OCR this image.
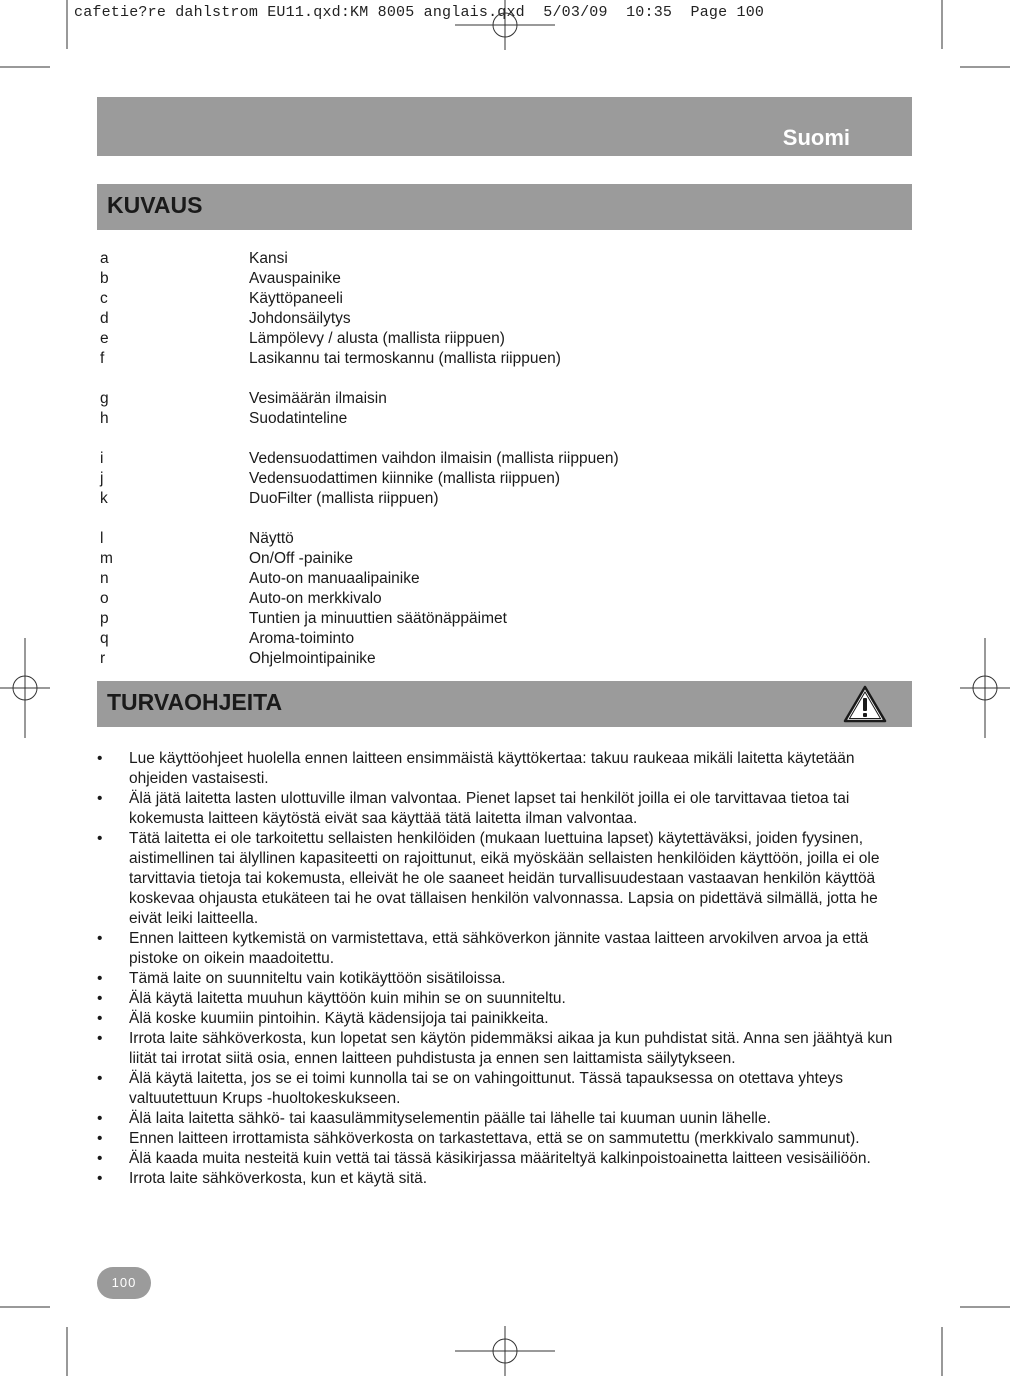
cafetie?re dahlstrom EU11.qxd:KM 8005 anglais.qxd  5/03/09  10:35  Page 100
Suomi
KUVAUS
a	Kansi
b	Avauspainike
c	Käyttöpaneeli
d	Johdonsäilytys
e	Lämpölevy / alusta (mallista riippuen)
f	Lasikannu tai termoskannu (mallista riippuen)
g	Vesimäärän ilmaisin
h	Suodatinteline
i	Vedensuodattimen vaihdon ilmaisin (mallista riippuen)
j	Vedensuodattimen kiinnike (mallista riippuen)
k	DuoFilter (mallista riippuen)
l	Näyttö
m	On/Off -painike
n	Auto-on manuaalipainike
o	Auto-on merkkivalo
p	Tuntien ja minuuttien säätönäppäimet
q	Aroma-toiminto
r	Ohjelmointipainike
TURVAOHJEITA
• Lue käyttöohjeet huolella ennen laitteen ensimmäistä käyttökertaa: takuu raukeaa mikäli laitetta käytetään ohjeiden vastaisesti.
• Älä jätä laitetta lasten ulottuville ilman valvontaa. Pienet lapset tai henkilöt joilla ei ole tarvittavaa tietoa tai kokemusta laitteen käytöstä eivät saa käyttää tätä laitetta ilman valvontaa.
• Tätä laitetta ei ole tarkoitettu sellaisten henkilöiden (mukaan luettuina lapset) käytettäväksi, joiden fyysinen, aistimellinen tai älyllinen kapasiteetti on rajoittunut, eikä myöskään sellaisten henkilöiden käyttöön, joilla ei ole tarvittavia tietoja tai kokemusta, elleivät he ole saaneet heidän turvallisuudestaan vastaavan henkilön käyttöä koskevaa ohjausta etukäteen tai he ovat tällaisen henkilön valvonnassa. Lapsia on pidettävä silmällä, jotta he eivät leiki laitteella.
• Ennen laitteen kytkemistä on varmistettava, että sähköverkon jännite vastaa laitteen arvokilven arvoa ja että pistoke on oikein maadoitettu.
• Tämä laite on suunniteltu vain kotikäyttöön sisätiloissa.
• Älä käytä laitetta muuhun käyttöön kuin mihin se on suunniteltu.
• Älä koske kuumiin pintoihin. Käytä kädensijoja tai painikkeita.
• Irrota laite sähköverkosta, kun lopetat sen käytön pidemmäksi aikaa ja kun puhdistat sitä. Anna sen jäähtyä kun liität tai irrotat siitä osia, ennen laitteen puhdistusta ja ennen sen laittamista säilytykseen.
• Älä käytä laitetta, jos se ei toimi kunnolla tai se on vahingoittunut. Tässä tapauksessa on otettava yhteys valtuutettuun Krups -huoltokeskukseen.
• Älä laita laitetta sähkö- tai kaasulämmityselementin päälle tai lähelle tai kuuman uunin lähelle.
• Ennen laitteen irrottamista sähköverkosta on tarkastettava, että se on sammutettu (merkkivalo sammunut).
• Älä kaada muita nesteitä kuin vettä tai tässä käsikirjassa määriteltyä kalkinpoistoainetta laitteen vesisäiliöön.
• Irrota laite sähköverkosta, kun et käytä sitä.
100
